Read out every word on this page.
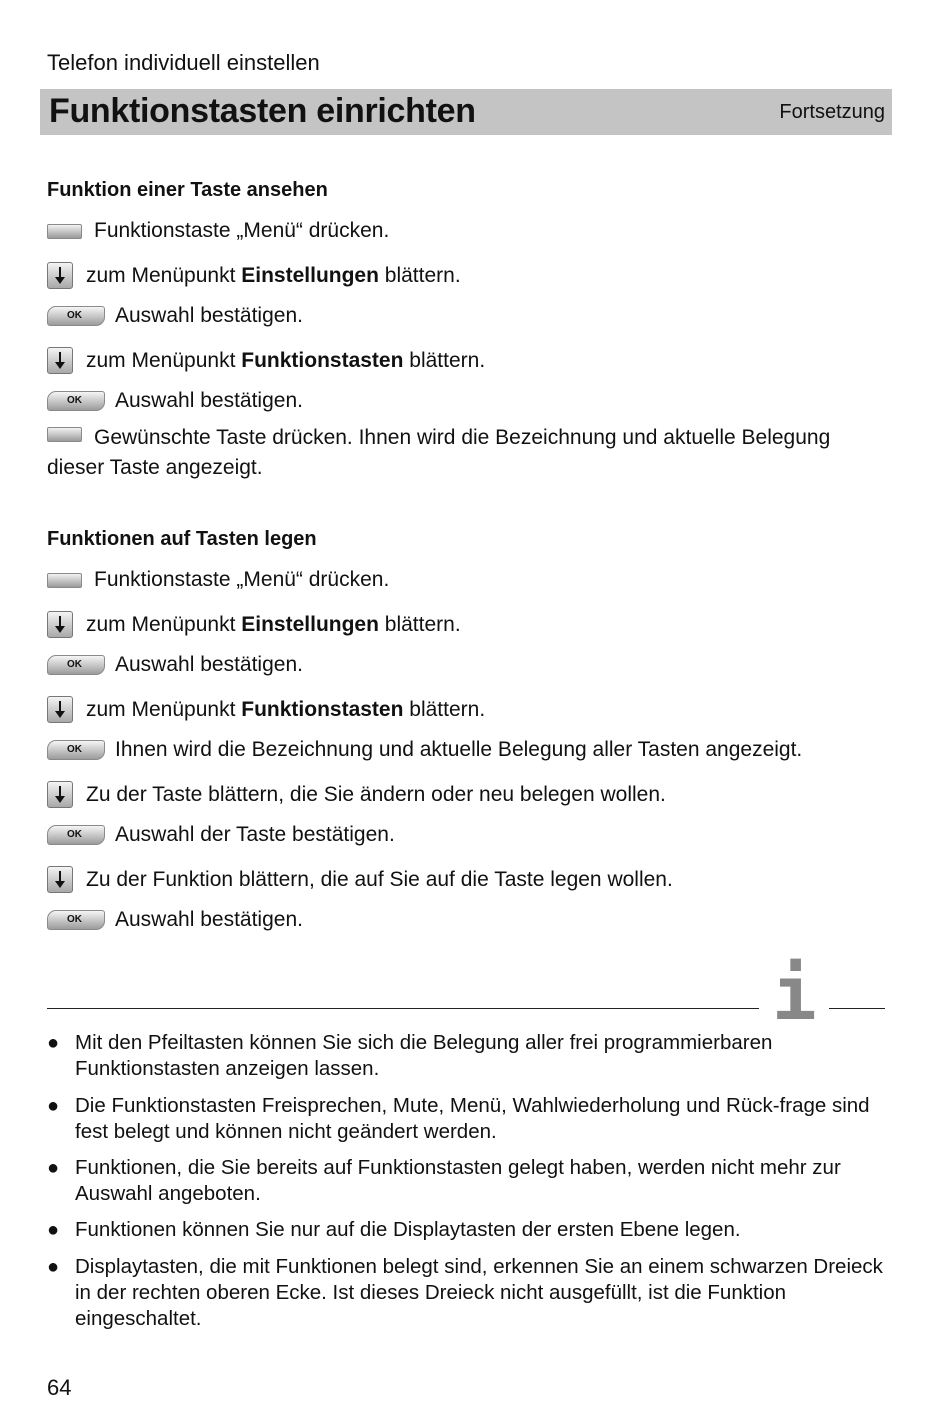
Telefon individuell einstellen
Funktionstasten einrichten	Fortsetzung
Funktion einer Taste ansehen
Funktionstaste „Menü“ drücken.
zum Menüpunkt Einstellungen blättern.
OK Auswahl bestätigen.
zum Menüpunkt Funktionstasten blättern.
OK Auswahl bestätigen.
Gewünschte Taste drücken. Ihnen wird die Bezeichnung und aktuelle Belegung
dieser Taste angezeigt.
Funktionen auf Tasten legen
Funktionstaste „Menü“ drücken.
zum Menüpunkt Einstellungen blättern.
OK Auswahl bestätigen.
zum Menüpunkt Funktionstasten blättern.
OK Ihnen wird die Bezeichnung und aktuelle Belegung aller Tasten angezeigt.
Zu der Taste blättern, die Sie ändern oder neu belegen wollen.
OK Auswahl der Taste bestätigen.
Zu der Funktion blättern, die auf Sie auf die Taste legen wollen.
OK Auswahl bestätigen.
i
● Mit den Pfeiltasten können Sie sich die Belegung aller frei programmierbaren Funktionstasten anzeigen lassen.
● Die Funktionstasten Freisprechen, Mute, Menü, Wahlwiederholung und Rück-frage sind fest belegt und können nicht geändert werden.
● Funktionen, die Sie bereits auf Funktionstasten gelegt haben, werden nicht mehr zur Auswahl angeboten.
● Funktionen können Sie nur auf die Displaytasten der ersten Ebene legen.
● Displaytasten, die mit Funktionen belegt sind, erkennen Sie an einem schwarzen Dreieck in der rechten oberen Ecke. Ist dieses Dreieck nicht ausgefüllt, ist die Funktion eingeschaltet.
64
